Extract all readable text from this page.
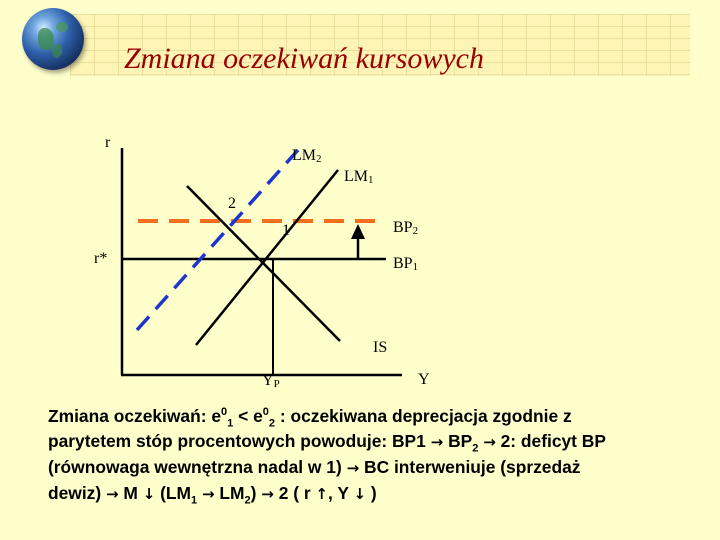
Zmiana oczekiwań kursowych
r
r*
LM2
LM1
BP2
BP1
2
1
IS
YP	Y
Zmiana oczekiwań: $e^0_1 < e^0_2$ : oczekiwana deprecjacja zgodnie z
parytetem stóp procentowych powoduje: $BP1 \to BP_2 \to 2$: deficyt BP
(równowaga wewnętrzna nadal w 1) → BC interweniuje (sprzedaż
dewiz) → M ↓ $(LM_1 \to LM_2) \to 2$ ( r ↑, Y ↓ )
